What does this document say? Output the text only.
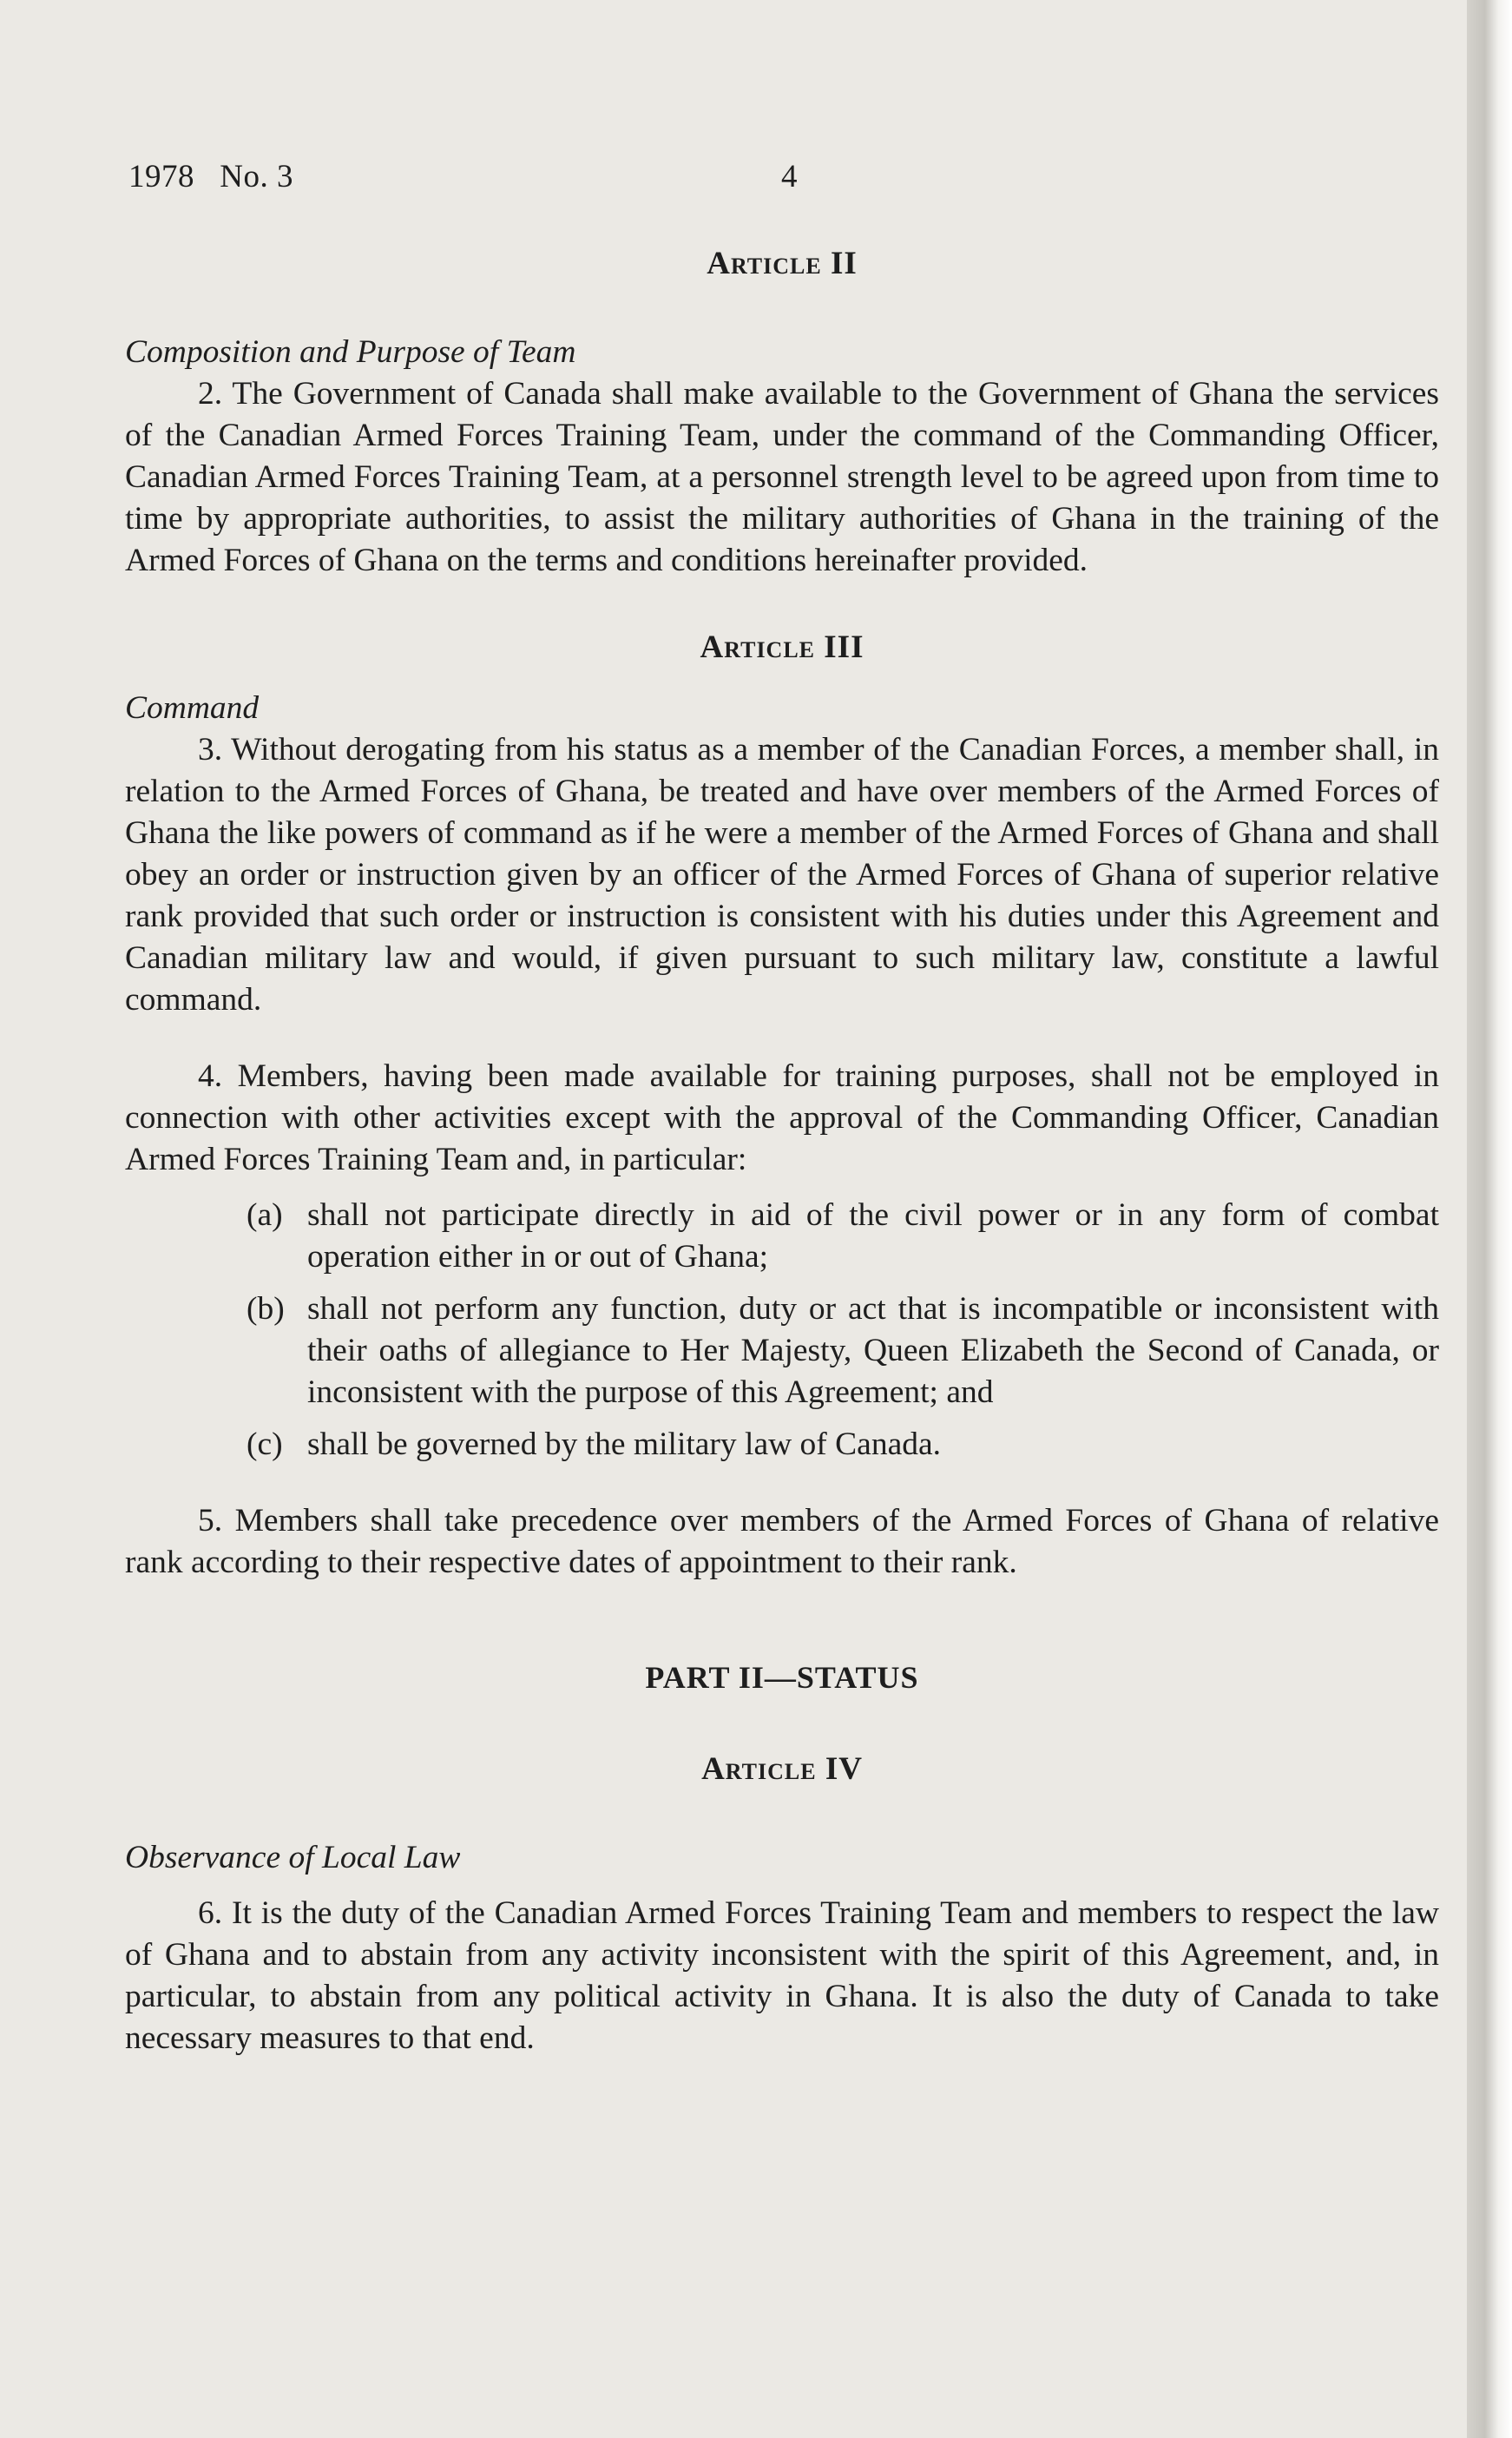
1978 No. 3	4
Article II
Composition and Purpose of Team

2. The Government of Canada shall make available to the Government of Ghana the services of the Canadian Armed Forces Training Team, under the command of the Commanding Officer, Canadian Armed Forces Training Team, at a personnel strength level to be agreed upon from time to time by appropriate authorities, to assist the military authorities of Ghana in the training of the Armed Forces of Ghana on the terms and conditions hereinafter provided.

Article III
Command

3. Without derogating from his status as a member of the Canadian Forces, a member shall, in relation to the Armed Forces of Ghana, be treated and have over members of the Armed Forces of Ghana the like powers of command as if he were a member of the Armed Forces of Ghana and shall obey an order or instruction given by an officer of the Armed Forces of Ghana of superior relative rank provided that such order or instruction is consistent with his duties under this Agreement and Canadian military law and would, if given pursuant to such military law, constitute a lawful command.

4. Members, having been made available for training purposes, shall not be employed in connection with other activities except with the approval of the Commanding Officer, Canadian Armed Forces Training Team and, in particular:

(a) shall not participate directly in aid of the civil power or in any form of combat operation either in or out of Ghana;
(b) shall not perform any function, duty or act that is incompatible or inconsistent with their oaths of allegiance to Her Majesty, Queen Elizabeth the Second of Canada, or inconsistent with the purpose of this Agreement; and
(c) shall be governed by the military law of Canada.

5. Members shall take precedence over members of the Armed Forces of Ghana of relative rank according to their respective dates of appointment to their rank.

PART II—STATUS
Article IV
Observance of Local Law

6. It is the duty of the Canadian Armed Forces Training Team and members to respect the law of Ghana and to abstain from any activity inconsistent with the spirit of this Agreement, and, in particular, to abstain from any political activity in Ghana. It is also the duty of Canada to take necessary measures to that end.
